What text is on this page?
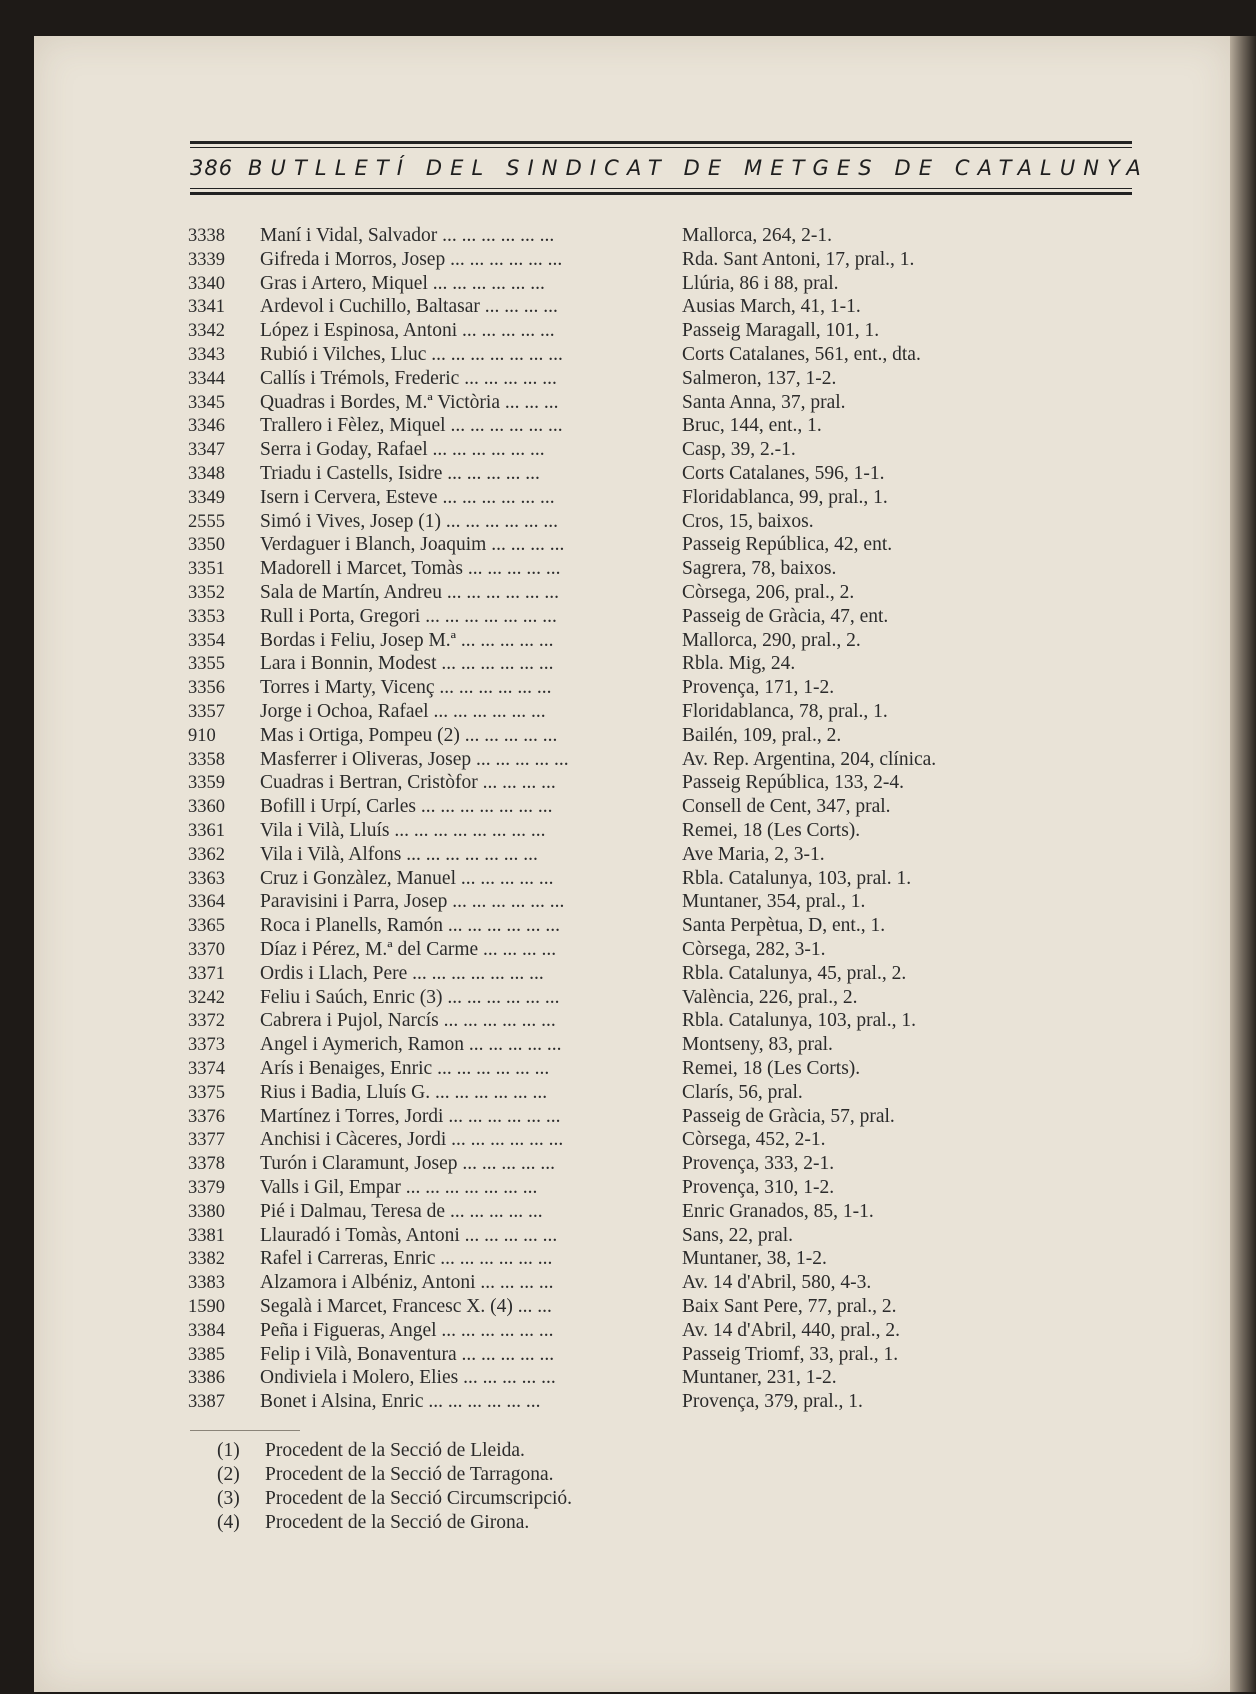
386 BUTLLETÍ DEL SINDICAT DE METGES DE CATALUNYA
3338	Maní i Vidal, Salvador ... ... ... ... ... ...	Mallorca, 264, 2-1.
3339	Gifreda i Morros, Josep ... ... ... ... ... ...	Rda. Sant Antoni, 17, pral., 1.
3340	Gras i Artero, Miquel ... ... ... ... ... ...	Llúria, 86 i 88, pral.
3341	Ardevol i Cuchillo, Baltasar ... ... ... ...	Ausias March, 41, 1-1.
3342	López i Espinosa, Antoni ... ... ... ... ...	Passeig Maragall, 101, 1.
3343	Rubió i Vilches, Lluc ... ... ... ... ... ... ...	Corts Catalanes, 561, ent., dta.
3344	Callís i Trémols, Frederic ... ... ... ... ...	Salmeron, 137, 1-2.
3345	Quadras i Bordes, M.ª Victòria ... ... ...	Santa Anna, 37, pral.
3346	Trallero i Fèlez, Miquel ... ... ... ... ... ...	Bruc, 144, ent., 1.
3347	Serra i Goday, Rafael ... ... ... ... ... ...	Casp, 39, 2.-1.
3348	Triadu i Castells, Isidre ... ... ... ... ...	Corts Catalanes, 596, 1-1.
3349	Isern i Cervera, Esteve ... ... ... ... ... ...	Floridablanca, 99, pral., 1.
2555	Simó i Vives, Josep (1) ... ... ... ... ... ...	Cros, 15, baixos.
3350	Verdaguer i Blanch, Joaquim ... ... ... ...	Passeig República, 42, ent.
3351	Madorell i Marcet, Tomàs ... ... ... ... ...	Sagrera, 78, baixos.
3352	Sala de Martín, Andreu ... ... ... ... ... ...	Còrsega, 206, pral., 2.
3353	Rull i Porta, Gregori ... ... ... ... ... ... ...	Passeig de Gràcia, 47, ent.
3354	Bordas i Feliu, Josep M.ª ... ... ... ... ...	Mallorca, 290, pral., 2.
3355	Lara i Bonnin, Modest ... ... ... ... ... ...	Rbla. Mig, 24.
3356	Torres i Marty, Vicenç ... ... ... ... ... ...	Provença, 171, 1-2.
3357	Jorge i Ochoa, Rafael ... ... ... ... ... ...	Floridablanca, 78, pral., 1.
910	Mas i Ortiga, Pompeu (2) ... ... ... ... ...	Bailén, 109, pral., 2.
3358	Masferrer i Oliveras, Josep ... ... ... ... ...	Av. Rep. Argentina, 204, clínica.
3359	Cuadras i Bertran, Cristòfor ... ... ... ...	Passeig República, 133, 2-4.
3360	Bofill i Urpí, Carles ... ... ... ... ... ... ...	Consell de Cent, 347, pral.
3361	Vila i Vilà, Lluís ... ... ... ... ... ... ... ...	Remei, 18 (Les Corts).
3362	Vila i Vilà, Alfons ... ... ... ... ... ... ...	Ave Maria, 2, 3-1.
3363	Cruz i Gonzàlez, Manuel ... ... ... ... ...	Rbla. Catalunya, 103, pral. 1.
3364	Paravisini i Parra, Josep ... ... ... ... ... ...	Muntaner, 354, pral., 1.
3365	Roca i Planells, Ramón ... ... ... ... ... ...	Santa Perpètua, D, ent., 1.
3370	Díaz i Pérez, M.ª del Carme ... ... ... ...	Còrsega, 282, 3-1.
3371	Ordis i Llach, Pere ... ... ... ... ... ... ...	Rbla. Catalunya, 45, pral., 2.
3242	Feliu i Saúch, Enric (3) ... ... ... ... ... ...	València, 226, pral., 2.
3372	Cabrera i Pujol, Narcís ... ... ... ... ... ...	Rbla. Catalunya, 103, pral., 1.
3373	Angel i Aymerich, Ramon ... ... ... ... ...	Montseny, 83, pral.
3374	Arís i Benaiges, Enric ... ... ... ... ... ...	Remei, 18 (Les Corts).
3375	Rius i Badia, Lluís G. ... ... ... ... ... ...	Clarís, 56, pral.
3376	Martínez i Torres, Jordi ... ... ... ... ... ...	Passeig de Gràcia, 57, pral.
3377	Anchisi i Càceres, Jordi ... ... ... ... ... ...	Còrsega, 452, 2-1.
3378	Turón i Claramunt, Josep ... ... ... ... ...	Provença, 333, 2-1.
3379	Valls i Gil, Empar ... ... ... ... ... ... ...	Provença, 310, 1-2.
3380	Pié i Dalmau, Teresa de ... ... ... ... ...	Enric Granados, 85, 1-1.
3381	Llauradó i Tomàs, Antoni ... ... ... ... ...	Sans, 22, pral.
3382	Rafel i Carreras, Enric ... ... ... ... ... ...	Muntaner, 38, 1-2.
3383	Alzamora i Albéniz, Antoni ... ... ... ...	Av. 14 d'Abril, 580, 4-3.
1590	Segalà i Marcet, Francesc X. (4) ... ...	Baix Sant Pere, 77, pral., 2.
3384	Peña i Figueras, Angel ... ... ... ... ... ...	Av. 14 d'Abril, 440, pral., 2.
3385	Felip i Vilà, Bonaventura ... ... ... ... ...	Passeig Triomf, 33, pral., 1.
3386	Ondiviela i Molero, Elies ... ... ... ... ...	Muntaner, 231, 1-2.
3387	Bonet i Alsina, Enric ... ... ... ... ... ...	Provença, 379, pral., 1.
(1) Procedent de la Secció de Lleida.
(2) Procedent de la Secció de Tarragona.
(3) Procedent de la Secció Circumscripció.
(4) Procedent de la Secció de Girona.
